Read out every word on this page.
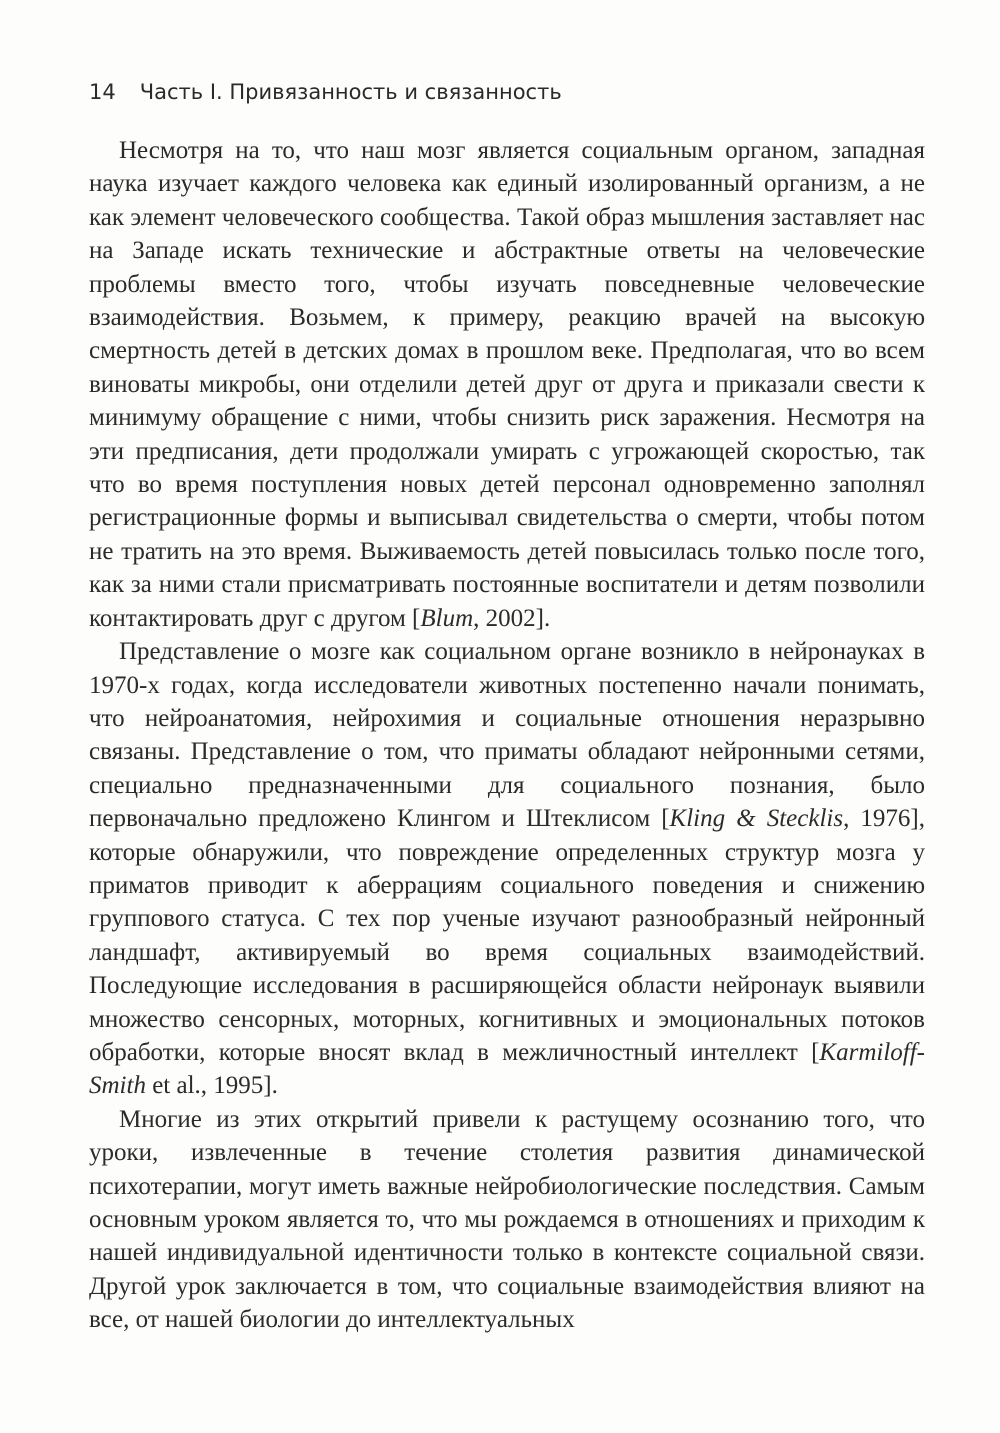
14 Часть I. Привязанность и связанность

Несмотря на то, что наш мозг является социальным органом, западная наука изучает каждого человека как единый изолированный организм, а не как элемент человеческого сообщества. Такой образ мышления заставляет нас на Западе искать технические и абстрактные ответы на человеческие проблемы вместо того, чтобы изучать повседневные человеческие взаимодействия. Возьмем, к примеру, реакцию врачей на высокую смертность детей в детских домах в прошлом веке. Предполагая, что во всем виноваты микробы, они отделили детей друг от друга и приказали свести к минимуму обращение с ними, чтобы снизить риск заражения. Несмотря на эти предписания, дети продолжали умирать с угрожающей скоростью, так что во время поступления новых детей персонал одновременно заполнял регистрационные формы и выписывал свидетельства о смерти, чтобы потом не тратить на это время. Выживаемость детей повысилась только после того, как за ними стали присматривать постоянные воспитатели и детям позволили контактировать друг с другом [Blum, 2002].

Представление о мозге как социальном органе возникло в нейронауках в 1970-х годах, когда исследователи животных постепенно начали понимать, что нейроанатомия, нейрохимия и социальные отношения неразрывно связаны. Представление о том, что приматы обладают нейронными сетями, специально предназначенными для социального познания, было первоначально предложено Клингом и Штеклисом [Kling & Stecklis, 1976], которые обнаружили, что повреждение определенных структур мозга у приматов приводит к аберрациям социального поведения и снижению группового статуса. С тех пор ученые изучают разнообразный нейронный ландшафт, активируемый во время социальных взаимодействий. Последующие исследования в расширяющейся области нейронаук выявили множество сенсорных, моторных, когнитивных и эмоциональных потоков обработки, которые вносят вклад в межличностный интеллект [Karmiloff-Smith et al., 1995].

Многие из этих открытий привели к растущему осознанию того, что уроки, извлеченные в течение столетия развития динамической психотерапии, могут иметь важные нейробиологические последствия. Самым основным уроком является то, что мы рождаемся в отношениях и приходим к нашей индивидуальной идентичности только в контексте социальной связи. Другой урок заключается в том, что социальные взаимодействия влияют на все, от нашей биологии до интеллектуальных
